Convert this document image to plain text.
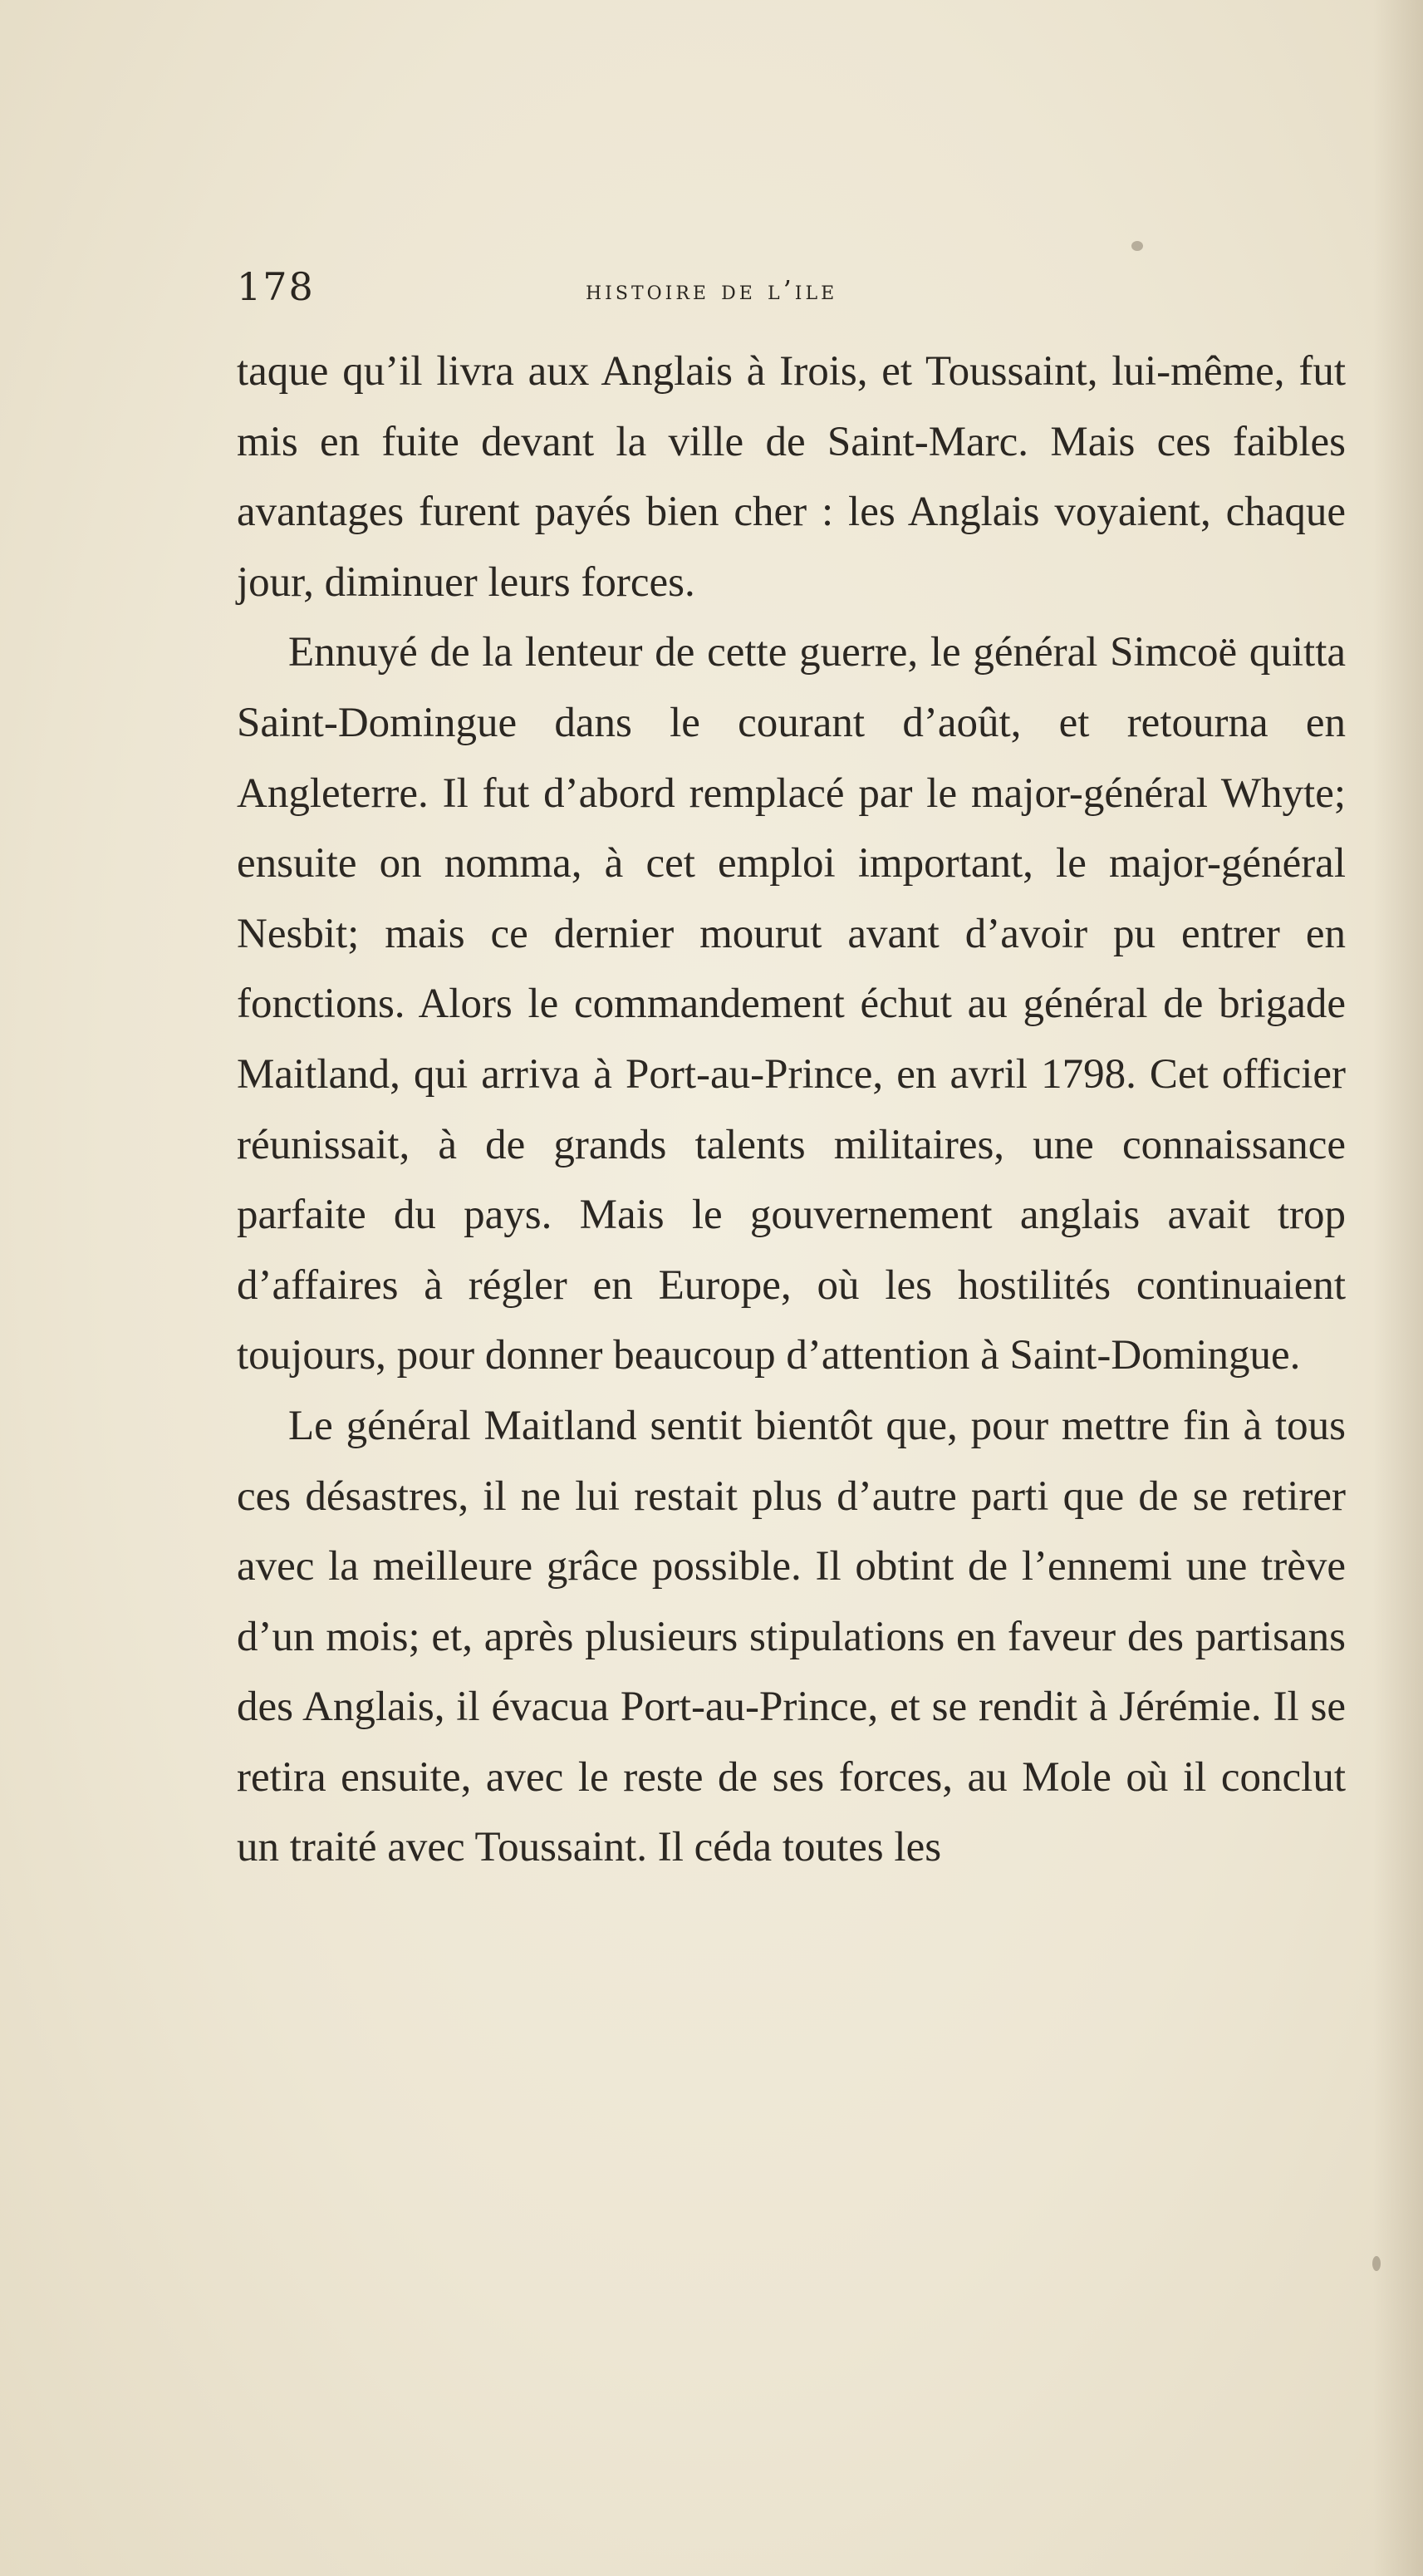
178	histoire de l’ile

taque qu’il livra aux Anglais à Irois, et Toussaint, lui-même, fut mis en fuite devant la ville de Saint-Marc. Mais ces faibles avantages furent payés bien cher : les Anglais voyaient, chaque jour, diminuer leurs forces.

Ennuyé de la lenteur de cette guerre, le général Simcoë quitta Saint-Domingue dans le courant d’août, et retourna en Angleterre. Il fut d’abord remplacé par le major-général Whyte; ensuite on nomma, à cet emploi important, le major-général Nesbit; mais ce dernier mourut avant d’avoir pu entrer en fonctions. Alors le commandement échut au général de brigade Maitland, qui arriva à Port-au-Prince, en avril 1798. Cet officier réunissait, à de grands talents militaires, une connaissance parfaite du pays. Mais le gouvernement anglais avait trop d’affaires à régler en Europe, où les hostilités continuaient toujours, pour donner beaucoup d’attention à Saint-Domingue.

Le général Maitland sentit bientôt que, pour mettre fin à tous ces désastres, il ne lui restait plus d’autre parti que de se retirer avec la meilleure grâce possible. Il obtint de l’ennemi une trève d’un mois; et, après plusieurs stipulations en faveur des partisans des Anglais, il évacua Port-au-Prince, et se rendit à Jérémie. Il se retira ensuite, avec le reste de ses forces, au Mole où il conclut un traité avec Toussaint. Il céda toutes les
